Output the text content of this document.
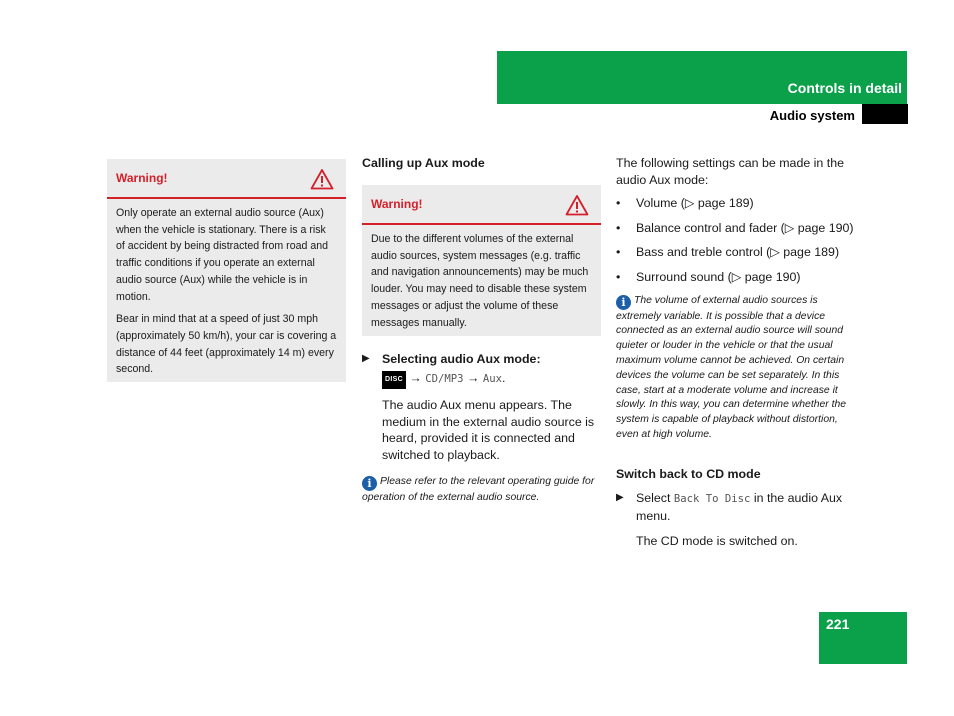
Controls in detail
Audio system
Warning!

Only operate an external audio source (Aux) when the vehicle is stationary. There is a risk of accident by being distracted from road and traffic conditions if you operate an external audio source (Aux) while the vehicle is in motion.

Bear in mind that at a speed of just 30 mph (approximately 50 km/h), your car is covering a distance of 44 feet (approximately 14 m) every second.

Calling up Aux mode
Warning!

Due to the different volumes of the external audio sources, system messages (e.g. traffic and navigation announcements) may be much louder. You may need to disable these system messages or adjust the volume of these messages manually.

▶ Selecting audio Aux mode:
DISC → CD/MP3 → Aux.
The audio Aux menu appears. The medium in the external audio source is heard, provided it is connected and switched to playback.
i Please refer to the relevant operating guide for operation of the external audio source.
The following settings can be made in the audio Aux mode:
• Volume (▷ page 189)
• Balance control and fader (▷ page 190)
• Bass and treble control (▷ page 189)
• Surround sound (▷ page 190)
i The volume of external audio sources is extremely variable. It is possible that a device connected as an external audio source will sound quieter or louder in the vehicle or that the usual maximum volume cannot be achieved. On certain devices the volume can be set separately. In this case, start at a moderate volume and increase it slowly. In this way, you can determine whether the system is capable of playback without distortion, even at high volume.
Switch back to CD mode
▶ Select Back To Disc in the audio Aux menu.
The CD mode is switched on.
221
